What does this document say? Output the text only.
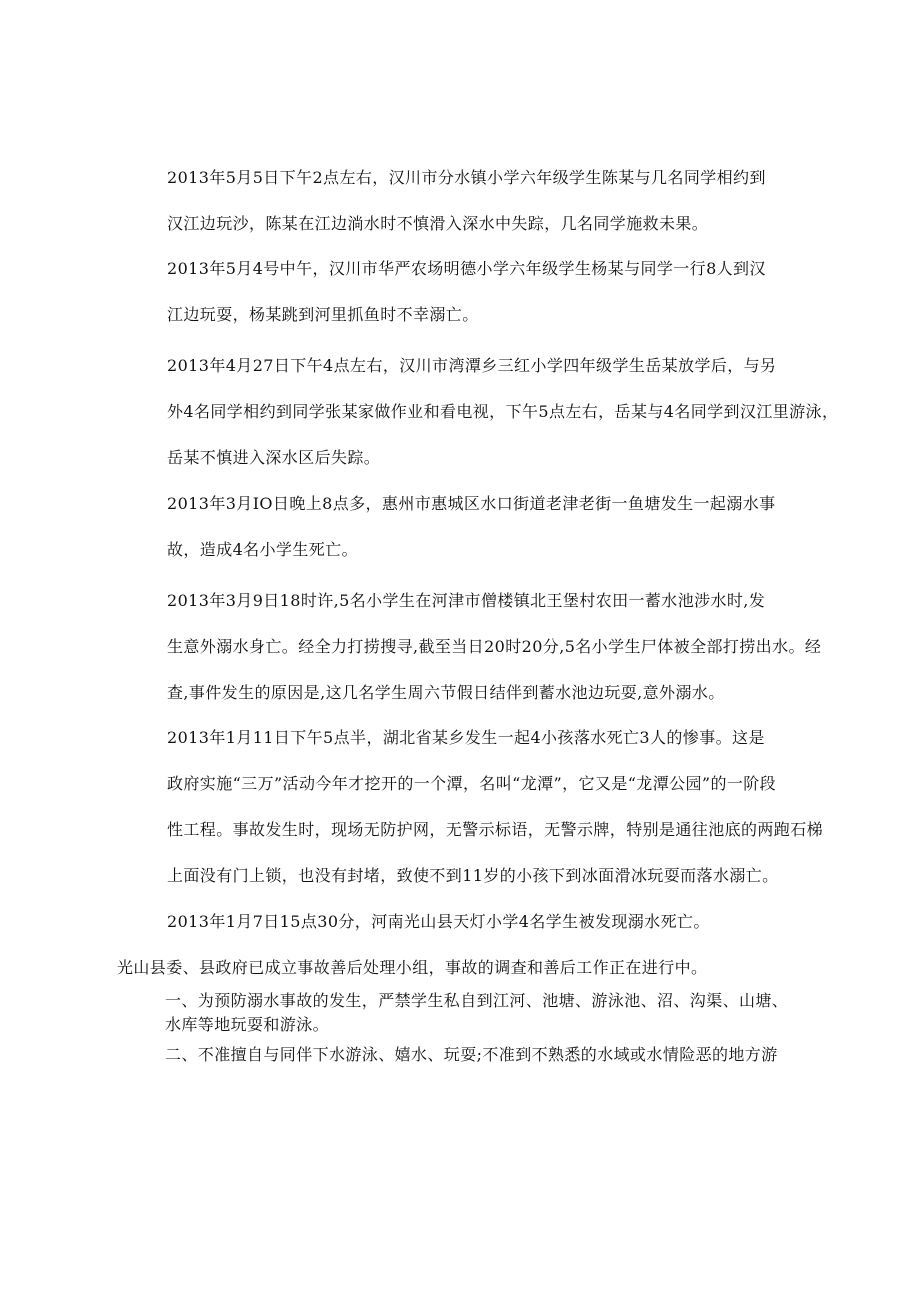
2013年5月5日下午2点左右，汉川市分水镇小学六年级学生陈某与几名同学相约到
汉江边玩沙，陈某在江边淌水时不慎滑入深水中失踪，几名同学施救未果。

2013年5月4号中午，汉川市华严农场明德小学六年级学生杨某与同学一行8人到汉
江边玩耍，杨某跳到河里抓鱼时不幸溺亡。

2013年4月27日下午4点左右，汉川市湾潭乡三红小学四年级学生岳某放学后，与另
外4名同学相约到同学张某家做作业和看电视，下午5点左右，岳某与4名同学到汉江里游泳，
岳某不慎进入深水区后失踪。

2013年3月IO日晚上8点多，惠州市惠城区水口街道老津老街一鱼塘发生一起溺水事
故，造成4名小学生死亡。

2013年3月9日18时许,5名小学生在河津市僧楼镇北王堡村农田一蓄水池涉水时,发
生意外溺水身亡。经全力打捞搜寻,截至当日20时20分,5名小学生尸体被全部打捞出水。经
查,事件发生的原因是,这几名学生周六节假日结伴到蓄水池边玩耍,意外溺水。

2013年1月11日下午5点半，湖北省某乡发生一起4小孩落水死亡3人的惨事。这是
政府实施“三万”活动今年才挖开的一个潭，名叫“龙潭”，它又是“龙潭公园”的一阶段
性工程。事故发生时，现场无防护网，无警示标语，无警示牌，特别是通往池底的两跑石梯
上面没有门上锁，也没有封堵，致使不到11岁的小孩下到冰面滑冰玩耍而落水溺亡。

2013年1月7日15点30分，河南光山县天灯小学4名学生被发现溺水死亡。

光山县委、县政府已成立事故善后处理小组，事故的调查和善后工作正在进行中。

一、为预防溺水事故的发生，严禁学生私自到江河、池塘、游泳池、沼、沟渠、山塘、
水库等地玩耍和游泳。

二、不准擅自与同伴下水游泳、嬉水、玩耍;不准到不熟悉的水域或水情险恶的地方游
